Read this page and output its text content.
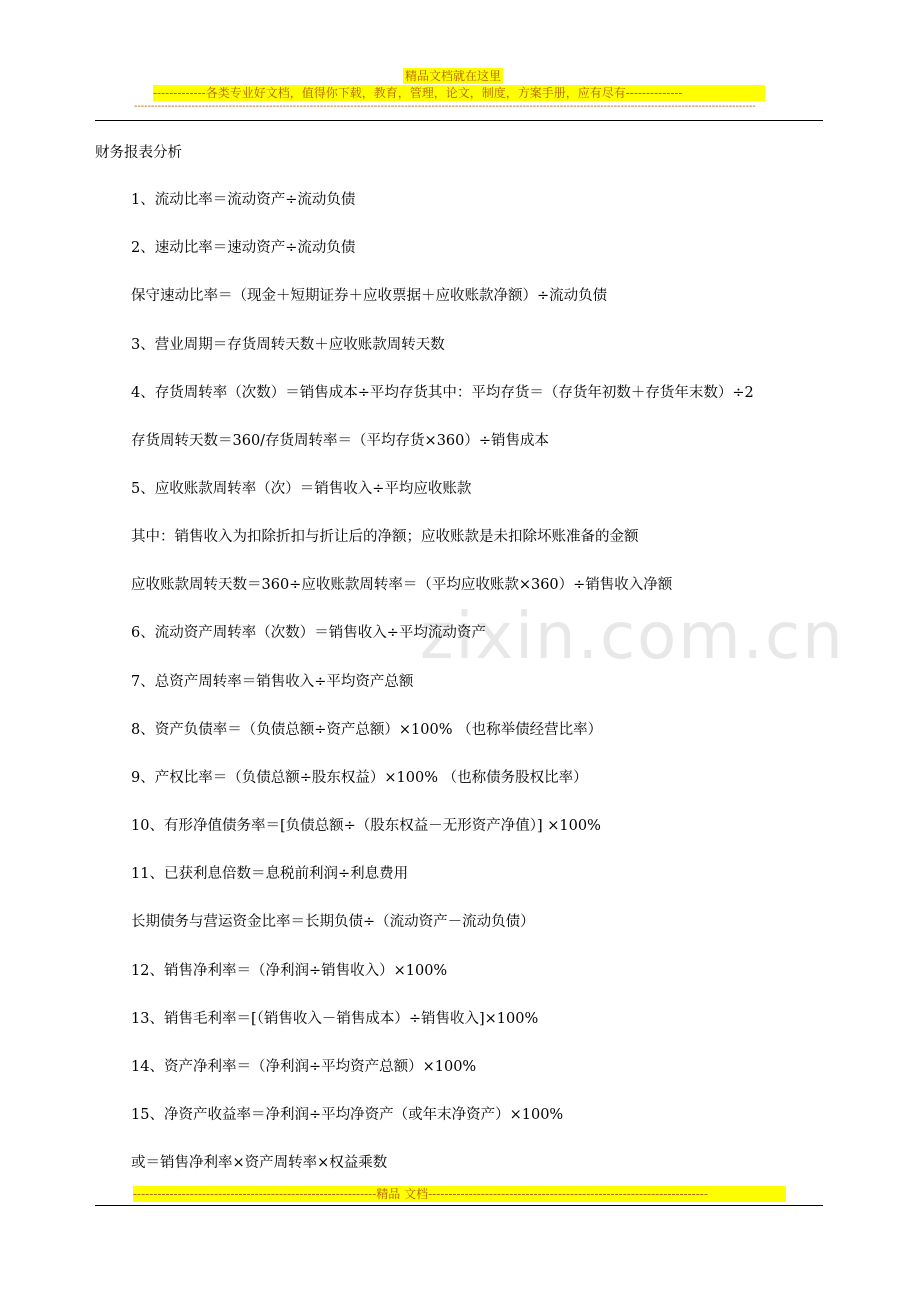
精品文档就在这里
-------------各类专业好文档，值得你下载，教育，管理，论文，制度，方案手册，应有尽有--------------
----------------------------------------------------------------------------------------------------------------------------------------------------------------------------------------
zixin.com.cn
财务报表分析
1、流动比率＝流动资产÷流动负债
2、速动比率＝速动资产÷流动负债
保守速动比率＝（现金＋短期证券＋应收票据＋应收账款净额）÷流动负债
3、营业周期＝存货周转天数＋应收账款周转天数
4、存货周转率（次数）＝销售成本÷平均存货其中：平均存货＝（存货年初数＋存货年末数）÷2
存货周转天数＝360/存货周转率＝（平均存货×360）÷销售成本
5、应收账款周转率（次）＝销售收入÷平均应收账款
其中：销售收入为扣除折扣与折让后的净额；应收账款是未扣除坏账准备的金额
应收账款周转天数＝360÷应收账款周转率＝（平均应收账款×360）÷销售收入净额
6、流动资产周转率（次数）＝销售收入÷平均流动资产
7、总资产周转率＝销售收入÷平均资产总额
8、资产负债率＝（负债总额÷资产总额）×100% （也称举债经营比率）
9、产权比率＝（负债总额÷股东权益）×100% （也称债务股权比率）
10、有形净值债务率＝[负债总额÷（股东权益－无形资产净值）] ×100%
11、已获利息倍数＝息税前利润÷利息费用
长期债务与营运资金比率＝长期负债÷（流动资产－流动负债）
12、销售净利率＝（净利润÷销售收入）×100%
13、销售毛利率＝[（销售收入－销售成本）÷销售收入]×100%
14、资产净利率＝（净利润÷平均资产总额）×100%
15、净资产收益率＝净利润÷平均净资产（或年末净资产）×100%
或＝销售净利率×资产周转率×权益乘数
------------------------------------------------------------精品 文档---------------------------------------------------------------------
